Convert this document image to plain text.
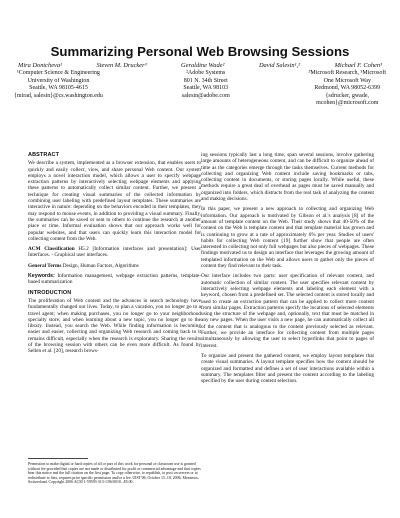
Summarizing Personal Web Browsing Sessions
Mira Dontcheva¹	Steven M. Drucker³	Geraldine Wade²	David Salesin¹,²	Michael F. Cohen³
¹Computer Science & Engineering
University of Washington
Seattle, WA 98105-4615
{mirad, salesin}@cs.washington.edu
²Adobe Systems
801 N. 34th Street
Seattle, WA 98103
salesin@adobe.com
³Microsoft Research, ³Microsoft
One Microsoft Way
Redmond, WA 98052-6399
{sdrucker, gwade,
mcohen}@microsoft.com
ABSTRACT

We describe a system, implemented as a browser extension, that enables users to quickly and easily collect, view, and share personal Web content. Our system employs a novel interaction model, which allows a user to specify webpage extraction patterns by interactively selecting webpage elements and applying these patterns to automatically collect similar content. Further, we present a technique for creating visual summaries of the collected information by combining user labeling with predefined layout templates. These summaries are interactive in nature: depending on the behaviors encoded in their templates, they may respond to mouse events, in addition to providing a visual summary. Finally, the summaries can be saved or sent to others to continue the research at another place or time. Informal evaluation shows that our approach works well for popular websites, and that users can quickly learn this interaction model for collecting content from the Web.

ACM Classification H5.2 [Information interfaces and presentation]: User Interfaces. - Graphical user interfaces.

General Terms Design, Human Factors, Algorithms

Keywords: Information management, webpage extraction patterns, template-based summarization

INTRODUCTION

The proliferation of Web content and the advances in search technology have fundamentally changed our lives. Today, to plan a vacation, you no longer go to a travel agent; when making purchases, you no longer go to your neighborhood specialty store; and when learning about a new topic, you no longer go to the library. Instead, you search the Web. While finding information is becoming easier and easier, collecting and organizing Web research and coming back to it remains difficult, especially when the research is exploratory. Sharing the results of the browsing session with others can be even more difficult. As found by Sellen et al. [20], research brows-

Permission to make digital or hard copies of all or part of this work for personal or classroom use is granted without fee provided that copies are not made or distributed for profit or commercial advantage and that copies bear this notice and the full citation on the first page. To copy otherwise, to republish, to post on servers or to redistribute to lists, requires prior specific permission and/or a fee. UIST'06, October 15–18, 2006, Montreux, Switzerland. Copyright 2006 ACM 1-59593-313-1/06/0010...$5.00.

ing sessions typically last a long time, span several sessions, involve gathering large amounts of heterogeneous content, and can be difficult to organize ahead of time as the categories emerge through the tasks themselves. Current methods for collecting and organizing Web content include saving bookmarks or tabs, collecting content in documents, or storing pages locally. While useful, these methods require a great deal of overhead as pages must be saved manually and organized into folders, which distracts from the real task of analyzing the content and making decisions.

In this paper, we present a new approach to collecting and organizing Web information. Our approach is motivated by Gibson et al.'s analysis [8] of the amount of template content on the Web. Their study shows that 40-50% of the content on the Web is template content and that template material has grown and is continuing to grow at a rate of approximately 6% per year. Studies of users' habits for collecting Web content [19] further show that people are often interested in collecting not only full webpages but also pieces of webpages. These findings motivated us to design an interface that leverages the growing amount of templated information on the Web and allows users to gather only the pieces of content they find relevant to their task.

Our interface includes two parts: user specification of relevant content, and automatic collection of similar content. The user specifies relevant content by interactively selecting webpage elements and labeling each element with a keyword, chosen from a predefined set. The selected content is stored locally and used to create an extraction pattern that can be applied to collect more content from similar pages. Extraction patterns specify the locations of selected elements using the structure of the webpage and, optionally, text that must be matched in any new pages. When the user visits a new page, he can automatically collect all of the content that is analogous to the content previously selected as relevant. Further, we provide an interface for collecting content from multiple pages simultaneously by allowing the user to select hyperlinks that point to pages of interest.

To organize and present the gathered content, we employ layout templates that create visual summaries. A layout template specifies how the content should be organized and formatted and defines a set of user interactions available within a summary. The templates filter and present the content according to the labeling specified by the user during content selection.
